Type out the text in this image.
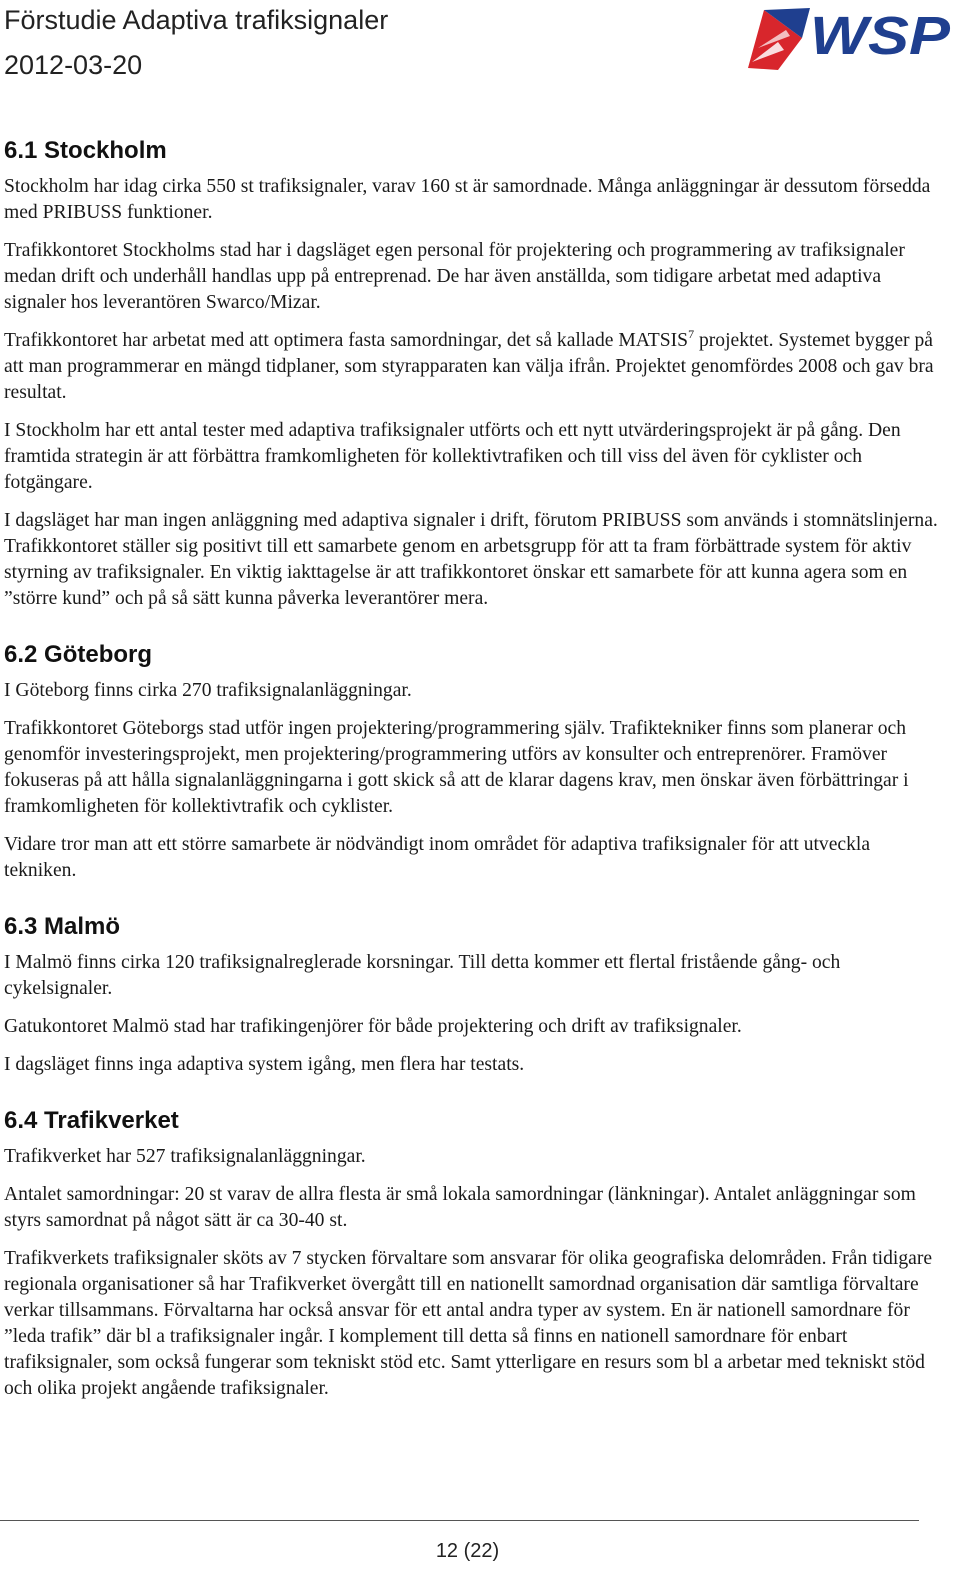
Förstudie Adaptiva trafiksignaler
2012-03-20	WSP
6.1 Stockholm

Stockholm har idag cirka 550 st trafiksignaler, varav 160 st är samordnade. Många anläggningar är dessutom försedda med PRIBUSS funktioner.

Trafikkontoret Stockholms stad har i dagsläget egen personal för projektering och programmering av trafiksignaler medan drift och underhåll handlas upp på entreprenad. De har även anställda, som tidigare arbetat med adaptiva signaler hos leverantören Swarco/Mizar.

Trafikkontoret har arbetat med att optimera fasta samordningar, det så kallade MATSIS$^7$ projektet. Systemet bygger på att man programmerar en mängd tidplaner, som styrapparaten kan välja ifrån. Projektet genomfördes 2008 och gav bra resultat.

I Stockholm har ett antal tester med adaptiva trafiksignaler utförts och ett nytt utvärderingsprojekt är på gång. Den framtida strategin är att förbättra framkomligheten för kollektivtrafiken och till viss del även för cyklister och fotgängare.

I dagsläget har man ingen anläggning med adaptiva signaler i drift, förutom PRIBUSS som används i stomnätslinjerna. Trafikkontoret ställer sig positivt till ett samarbete genom en arbetsgrupp för att ta fram förbättrade system för aktiv styrning av trafiksignaler. En viktig iakttagelse är att trafikkontoret önskar ett samarbete för att kunna agera som en ”större kund” och på så sätt kunna påverka leverantörer mera.

6.2 Göteborg

I Göteborg finns cirka 270 trafiksignalanläggningar.

Trafikkontoret Göteborgs stad utför ingen projektering/programmering själv. Trafiktekniker finns som planerar och genomför investeringsprojekt, men projektering/programmering utförs av konsulter och entreprenörer. Framöver fokuseras på att hålla signalanläggningarna i gott skick så att de klarar dagens krav, men önskar även förbättringar i framkomligheten för kollektivtrafik och cyklister.

Vidare tror man att ett större samarbete är nödvändigt inom området för adaptiva trafiksignaler för att utveckla tekniken.

6.3 Malmö

I Malmö finns cirka 120 trafiksignalreglerade korsningar. Till detta kommer ett flertal fristående gång- och cykelsignaler.

Gatukontoret Malmö stad har trafikingenjörer för både projektering och drift av trafiksignaler.

I dagsläget finns inga adaptiva system igång, men flera har testats.

6.4 Trafikverket

Trafikverket har 527 trafiksignalanläggningar.

Antalet samordningar: 20 st varav de allra flesta är små lokala samordningar (länkningar). Antalet anläggningar som styrs samordnat på något sätt är ca 30-40 st.

Trafikverkets trafiksignaler sköts av 7 stycken förvaltare som ansvarar för olika geografiska delområden. Från tidigare regionala organisationer så har Trafikverket övergått till en nationellt samordnad organisation där samtliga förvaltare verkar tillsammans. Förvaltarna har också ansvar för ett antal andra typer av system. En är nationell samordnare för ”leda trafik” där bl a trafiksignaler ingår. I komplement till detta så finns en nationell samordnare för enbart trafiksignaler, som också fungerar som tekniskt stöd etc. Samt ytterligare en resurs som bl a arbetar med tekniskt stöd och olika projekt angående trafiksignaler.

12 (22)
